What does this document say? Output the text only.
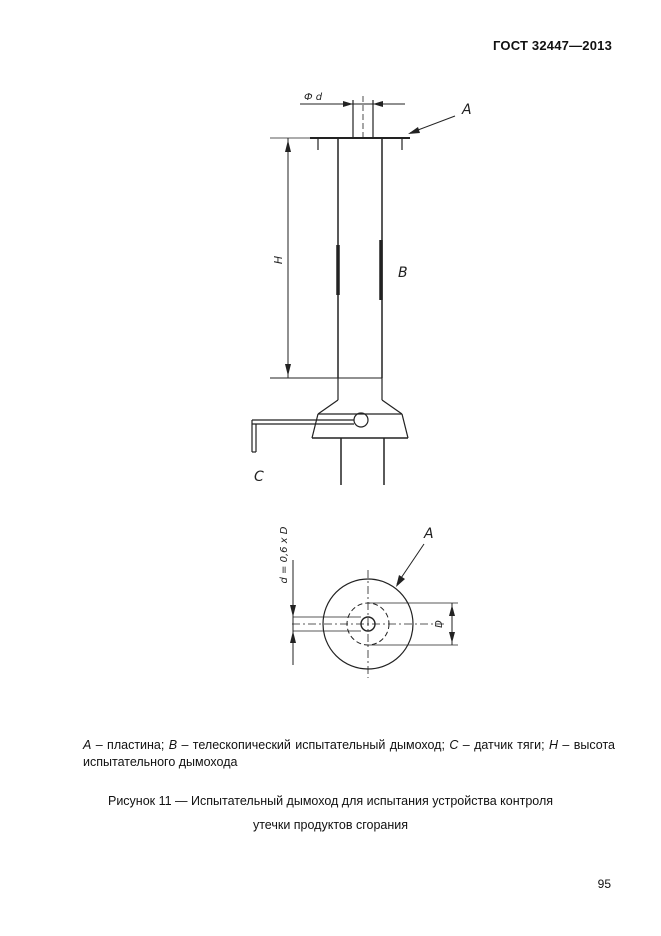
ГОСТ 32447—2013
A
B
C
H
Ф d
A
d = 0,6 x D
D
A – пластина; B – телескопический испытательный дымоход; C – датчик тяги; H – высота испытательного дымохода
Рисунок 11 — Испытательный дымоход для испытания устройства контроля
утечки продуктов сгорания
95
